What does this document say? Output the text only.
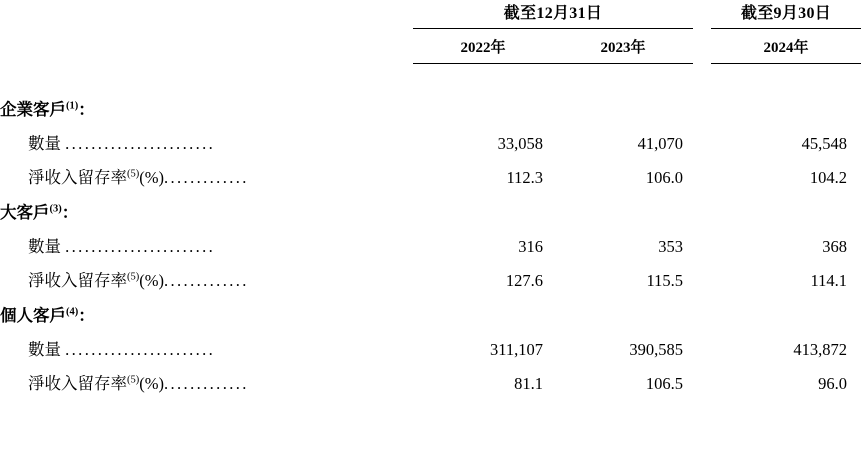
	截至12月31日			截至9月30日

	2022年	2023年		2024年

企業客戶$^{(1)}$：				
數量 .......................	33,058	41,070		45,548
淨收入留存率$^{(5)}$(%).............	112.3	106.0		104.2
大客戶$^{(3)}$：				
數量 .......................	316	353		368
淨收入留存率$^{(5)}$(%).............	127.6	115.5		114.1
個人客戶$^{(4)}$：				
數量 .......................	311,107	390,585		413,872
淨收入留存率$^{(5)}$(%).............	81.1	106.5		96.0
